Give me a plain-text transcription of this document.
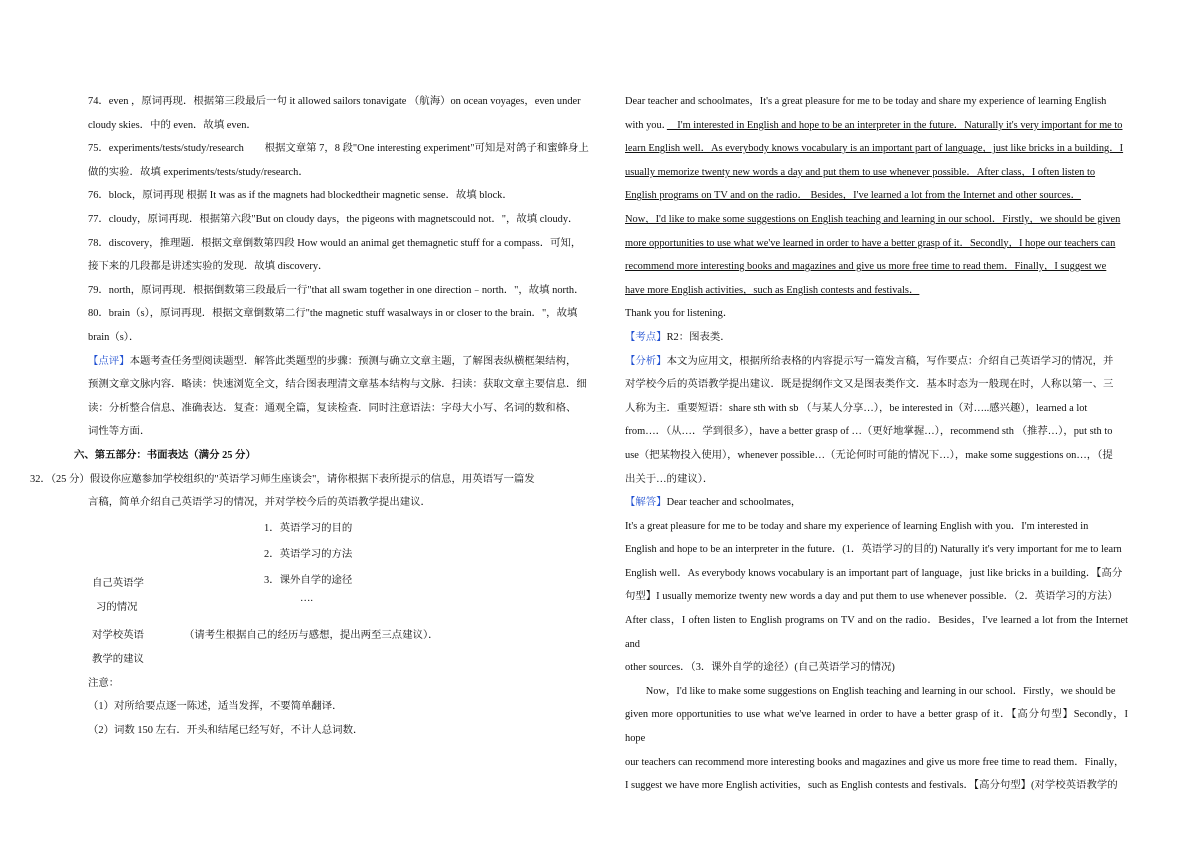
74．even ，原词再现．根据第三段最后一句 it allowed sailors tonavigate （航海）on ocean voyages，even under

cloudy skies．中的 even．故填 even．

75．experiments/tests/study/research　　根据文章第 7，8 段"One interesting experiment"可知是对鸽子和蜜蜂身上

做的实验．故填 experiments/tests/study/research．

76．block，原词再现 根据 It was as if the magnets had blockedtheir magnetic sense．故填 block．

77．cloudy，原词再现．根据第六段"But on cloudy days，the pigeons with magnetscould not．"，故填 cloudy．

78．discovery，推理题．根据文章倒数第四段 How would an animal get themagnetic stuff for a compass．可知，

接下来的几段都是讲述实验的发现．故填 discovery．

79．north，原词再现．根据倒数第三段最后一行"that all swam together in one direction﹣north．"，故填 north．

80．brain（s），原词再现．根据文章倒数第二行"the magnetic stuff wasalways in or closer to the brain．"，故填

brain（s）．

【点评】本题考查任务型阅读题型．解答此类题型的步骤：预测与确立文章主题，了解图表纵横框架结构，

预测文章文脉内容．略读：快速浏览全文，结合图表理清文章基本结构与文脉．扫读：获取文章主要信息．细

读：分析整合信息、准确表达．复查：通观全篇，复读检查．同时注意语法：字母大小写、名词的数和格、

词性等方面．

六、第五部分：书面表达（满分 25 分）

32．（25 分）假设你应邀参加学校组织的"英语学习师生座谈会"，请你根据下表所提示的信息，用英语写一篇发

言稿，简单介绍自己英语学习的情况，并对学校今后的英语教学提出建议．

1．英语学习的目的
2．英语学习的方法
3．课外自学的途径
….
自己英语学
习的情况
对学校英语	（请考生根据自己的经历与感想，提出两至三点建议）．
教学的建议

注意：

（1）对所给要点逐一陈述，适当发挥，不要简单翻译．

（2）词数 150 左右．开头和结尾已经写好，不计人总词数．

Dear teacher and schoolmates，It's a great pleasure for me to be today and share my experience of learning English

with you．　I'm interested in English and hope to be an interpreter in the future．Naturally it's very important for me to

learn English well．As everybody knows vocabulary is an important part of language，just like bricks in a building．I

usually memorize twenty new words a day and put them to use whenever possible．After class，I often listen to

English programs on TV and on the radio． Besides，I've learned a lot from the Internet and other sources．

Now，I'd like to make some suggestions on English teaching and learning in our school．Firstly，we should be given

more opportunities to use what we've learned in order to have a better grasp of it．Secondly，I hope our teachers can

recommend more interesting books and magazines and give us more free time to read them．Finally，I suggest we

have more English activities，such as English contests and festivals．

Thank you for listening．

【考点】R2：图表类．

【分析】本文为应用文，根据所给表格的内容提示写一篇发言稿，写作要点：介绍自己英语学习的情况，并

对学校今后的英语教学提出建议．既是提纲作文又是图表类作文．基本时态为一般现在时，人称以第一、三

人称为主．重要短语：share sth with sb （与某人分享…），be interested in（对…..感兴趣），learned a lot

from…．（从…．学到很多），have a better grasp of …（更好地掌握…），recommend sth （推荐…），put sth to

use（把某物投入使用），whenever possible…（无论何时可能的情况下…），make some suggestions on…，（提

出关于…的建议）．

【解答】Dear teacher and schoolmates，

It's a great pleasure for me to be today and share my experience of learning English with you．I'm interested in

English and hope to be an interpreter in the future．(1．英语学习的目的) Naturally it's very important for me to learn

English well．As everybody knows vocabulary is an important part of language，just like bricks in a building．【高分

句型】I usually memorize twenty new words a day and put them to use whenever possible．（2．英语学习的方法）

After class，I often listen to English programs on TV and on the radio．Besides，I've learned a lot from the Internet and

other sources．（3．课外自学的途径）(自己英语学习的情况)

Now，I'd like to make some suggestions on English teaching and learning in our school．Firstly，we should be

given more opportunities to use what we've learned in order to have a better grasp of it．【高分句型】Secondly，I hope

our teachers can recommend more interesting books and magazines and give us more free time to read them．Finally，

I suggest we have more English activities，such as English contests and festivals．【高分句型】(对学校英语教学的
